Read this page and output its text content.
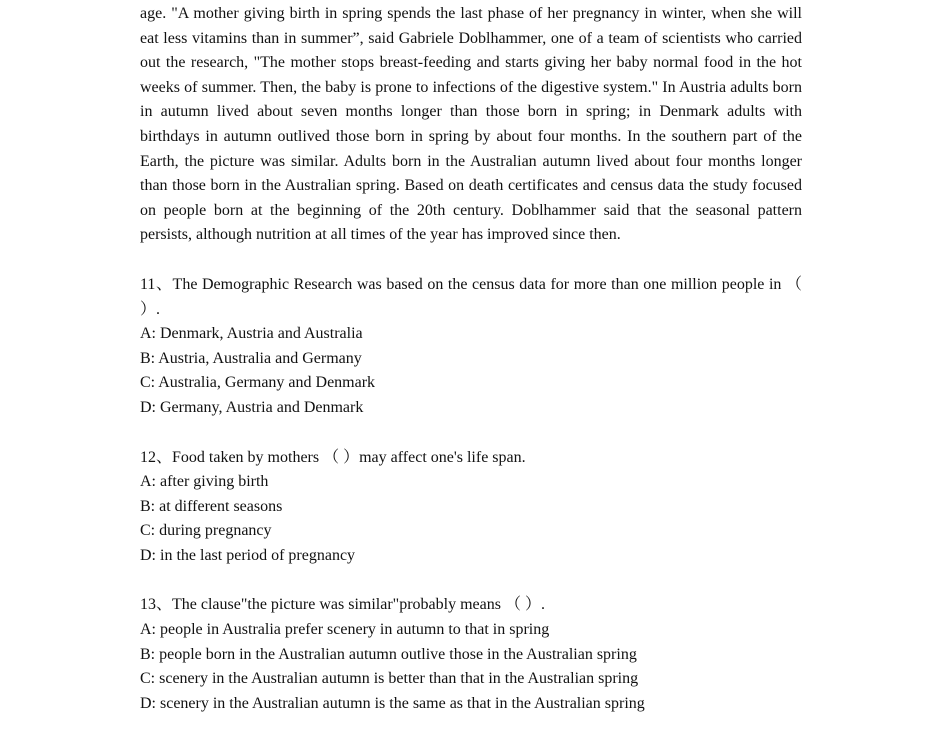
age. "A mother giving birth in spring spends the last phase of her pregnancy in winter, when she will eat less vitamins than in summer”, said Gabriele Doblhammer, one of a team of scientists who carried out the research, "The mother stops breast-feeding and starts giving her baby normal food in the hot weeks of summer. Then, the baby is prone to infections of the digestive system." In Austria adults born in autumn lived about seven months longer than those born in spring; in Denmark adults with birthdays in autumn outlived those born in spring by about four months. In the southern part of the Earth, the picture was similar. Adults born in the Australian autumn lived about four months longer than those born in the Australian spring. Based on death certificates and census data the study focused on people born at the beginning of the 20th century. Doblhammer said that the seasonal pattern persists, although nutrition at all times of the year has improved since then.

11、The Demographic Research was based on the census data for more than one million people in （ ）.

A: Denmark, Austria and Australia

B: Austria, Australia and Germany

C: Australia, Germany and Denmark

D: Germany, Austria and Denmark

12、Food taken by mothers （ ）may affect one's life span.

A: after giving birth

B: at different seasons

C: during pregnancy

D: in the last period of pregnancy

13、The clause"the picture was similar"probably means （ ）.

A: people in Australia prefer scenery in autumn to that in spring

B: people born in the Australian autumn outlive those in the Australian spring

C: scenery in the Australian autumn is better than that in the Australian spring

D: scenery in the Australian autumn is the same as that in the Australian spring
